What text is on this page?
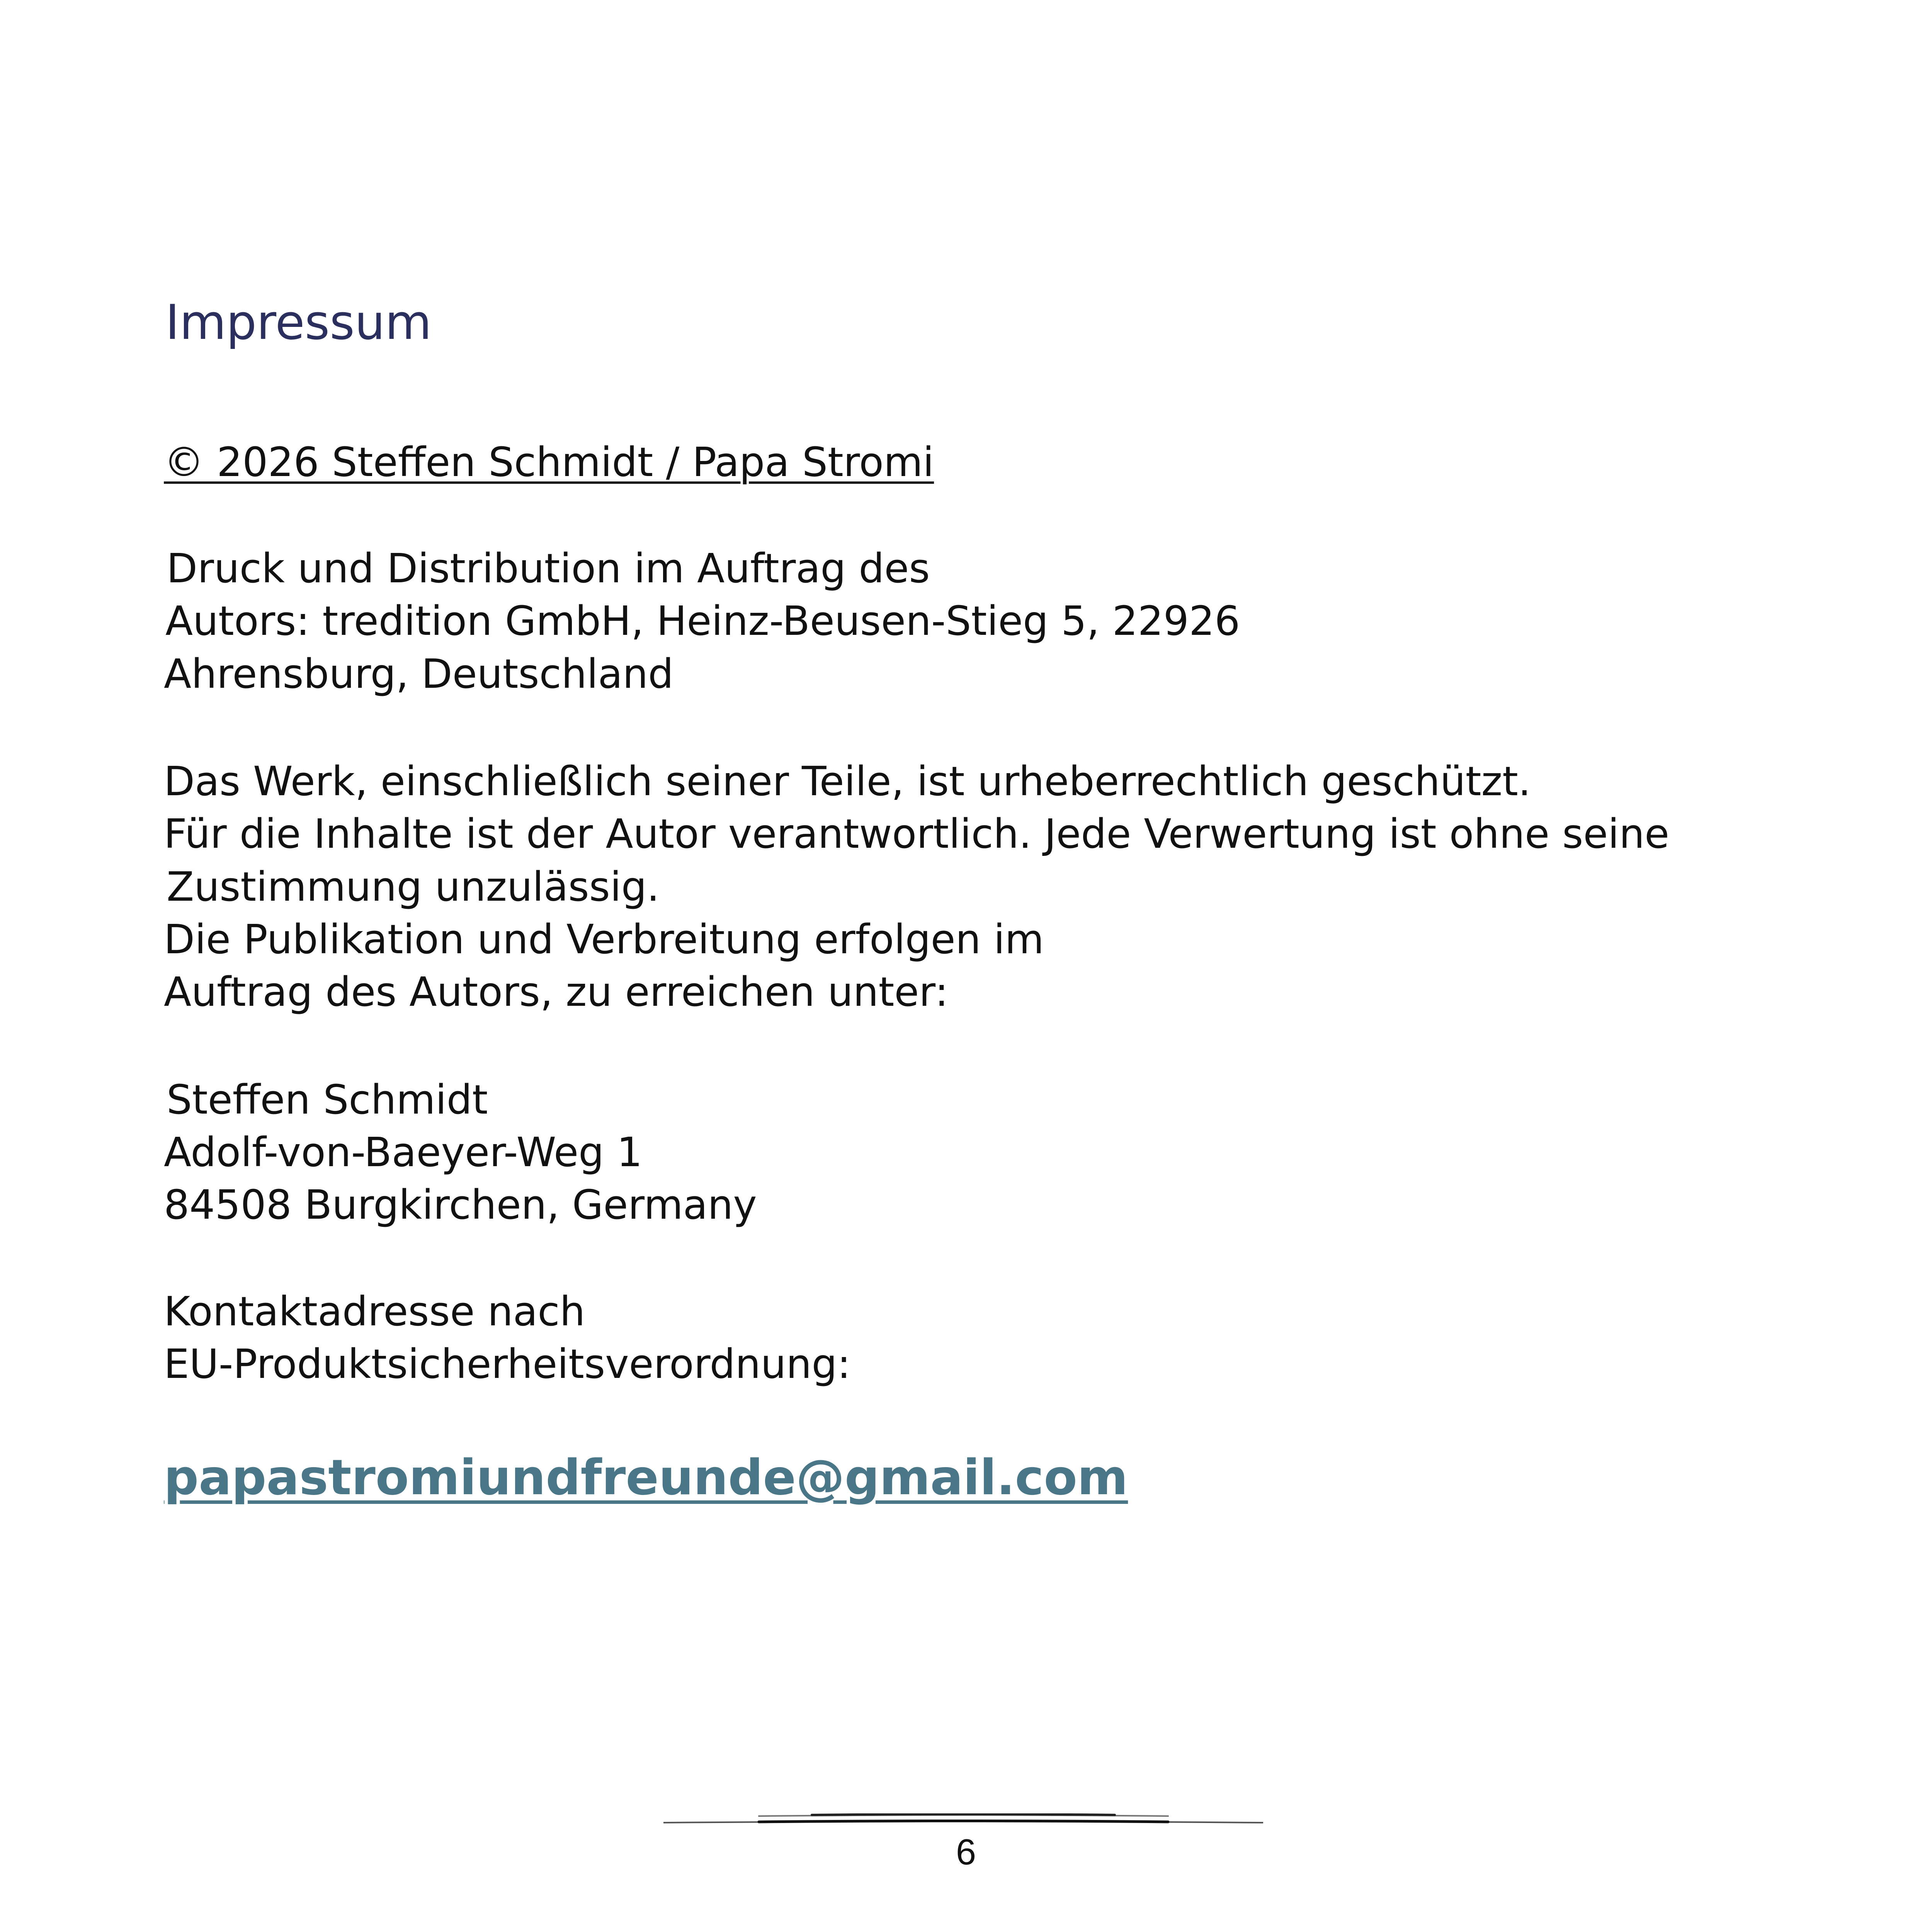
Impressum

© 2026 Steffen Schmidt / Papa Stromi

Druck und Distribution im Auftrag des

Autors: tredition GmbH, Heinz-Beusen-Stieg 5, 22926

Ahrensburg, Deutschland

Das Werk, einschließlich seiner Teile, ist urheberrechtlich geschützt.

Für die Inhalte ist der Autor verantwortlich. Jede Verwertung ist ohne seine

Zustimmung unzulässig.

Die Publikation und Verbreitung erfolgen im

Auftrag des Autors, zu erreichen unter:

Steffen Schmidt

Adolf-von-Baeyer-Weg 1

84508 Burgkirchen, Germany

Kontaktadresse nach

EU-Produktsicherheitsverordnung:

papastromiundfreunde@gmail.com
6
